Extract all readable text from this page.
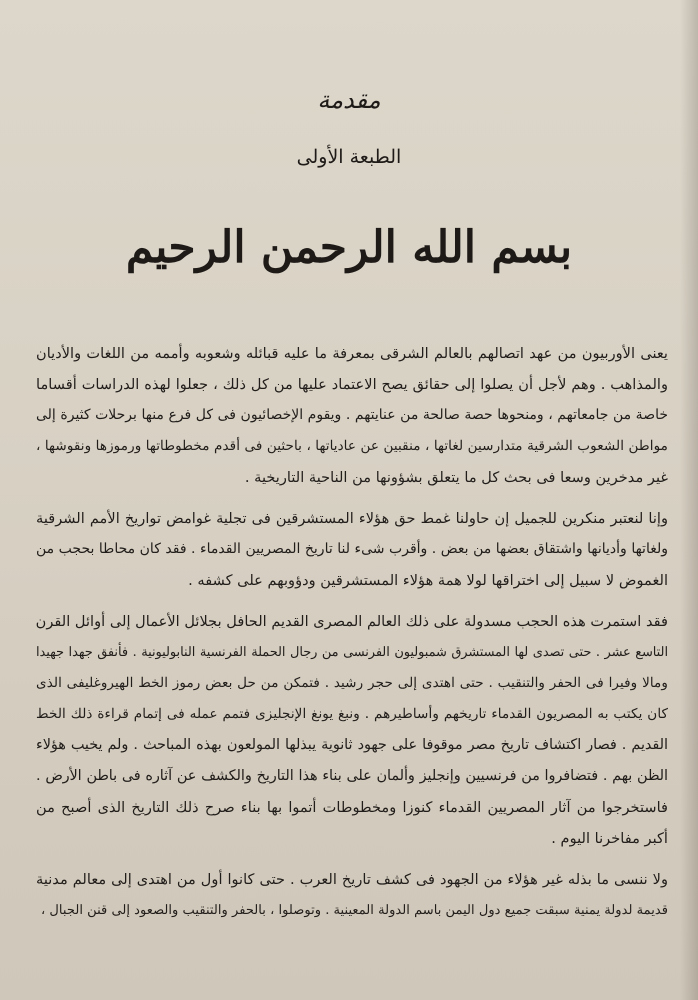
مقدمة
الطبعة الأولى
بسم الله الرحمن الرحيم
يعنى الأوربيون من عهد اتصالهم بالعالم الشرقى بمعرفة ما عليه قبائله وشعوبه وأممه من اللغات والأديان
والمذاهب . وهم لأجل أن يصلوا إلى حقائق يصح الاعتماد عليها من كل ذلك ، جعلوا لهذه الدراسات أقساما
خاصة من جامعاتهم ، ومنحوها حصة صالحة من عنايتهم . ويقوم الإخصائيون فى كل فرع منها برحلات كثيرة إلى
مواطن الشعوب الشرقية متدارسين لغاتها ، منقبين عن عادياتها ، باحثين فى أقدم مخطوطاتها ورموزها ونقوشها ،
غير مدخرين وسعا فى بحث كل ما يتعلق بشؤونها من الناحية التاريخية .
وإنا لنعتبر منكرين للجميل إن حاولنا غمط حق هؤلاء المستشرقين فى تجلية غوامض تواريخ الأمم الشرقية
ولغاتها وأديانها واشتقاق بعضها من بعض . وأقرب شىء لنا تاريخ المصريين القدماء . فقد كان محاطا بحجب من
الغموض لا سبيل إلى اختراقها لولا همة هؤلاء المستشرقين ودؤوبهم على كشفه .
فقد استمرت هذه الحجب مسدولة على ذلك العالم المصرى القديم الحافل بجلائل الأعمال إلى أوائل القرن
التاسع عشر . حتى تصدى لها المستشرق شمبوليون الفرنسى من رجال الحملة الفرنسية النابوليونية . فأنفق جهدا جهيدا
ومالا وفيرا فى الحفر والتنقيب . حتى اهتدى إلى حجر رشيد . فتمكن من حل بعض رموز الخط الهيروغليفى الذى
كان يكتب به المصريون القدماء تاريخهم وأساطيرهم . ونبغ يونغ الإنجليزى فتمم عمله فى إتمام قراءة ذلك الخط
القديم . فصار اكتشاف تاريخ مصر موقوفا على جهود ثانوية يبذلها المولعون بهذه المباحث . ولم يخيب هؤلاء
الظن بهم . فتضافروا من فرنسيين وإنجليز وألمان على بناء هذا التاريخ والكشف عن آثاره فى باطن الأرض .
فاستخرجوا من آثار المصريين القدماء كنوزا ومخطوطات أتموا بها بناء صرح ذلك التاريخ الذى أصبح من
أكبر مفاخرنا اليوم .
ولا ننسى ما بذله غير هؤلاء من الجهود فى كشف تاريخ العرب . حتى كانوا أول من اهتدى إلى معالم مدنية
قديمة لدولة يمنية سبقت جميع دول اليمن باسم الدولة المعينية . وتوصلوا ، بالحفر والتنقيب والصعود إلى قنن الجبال ،
